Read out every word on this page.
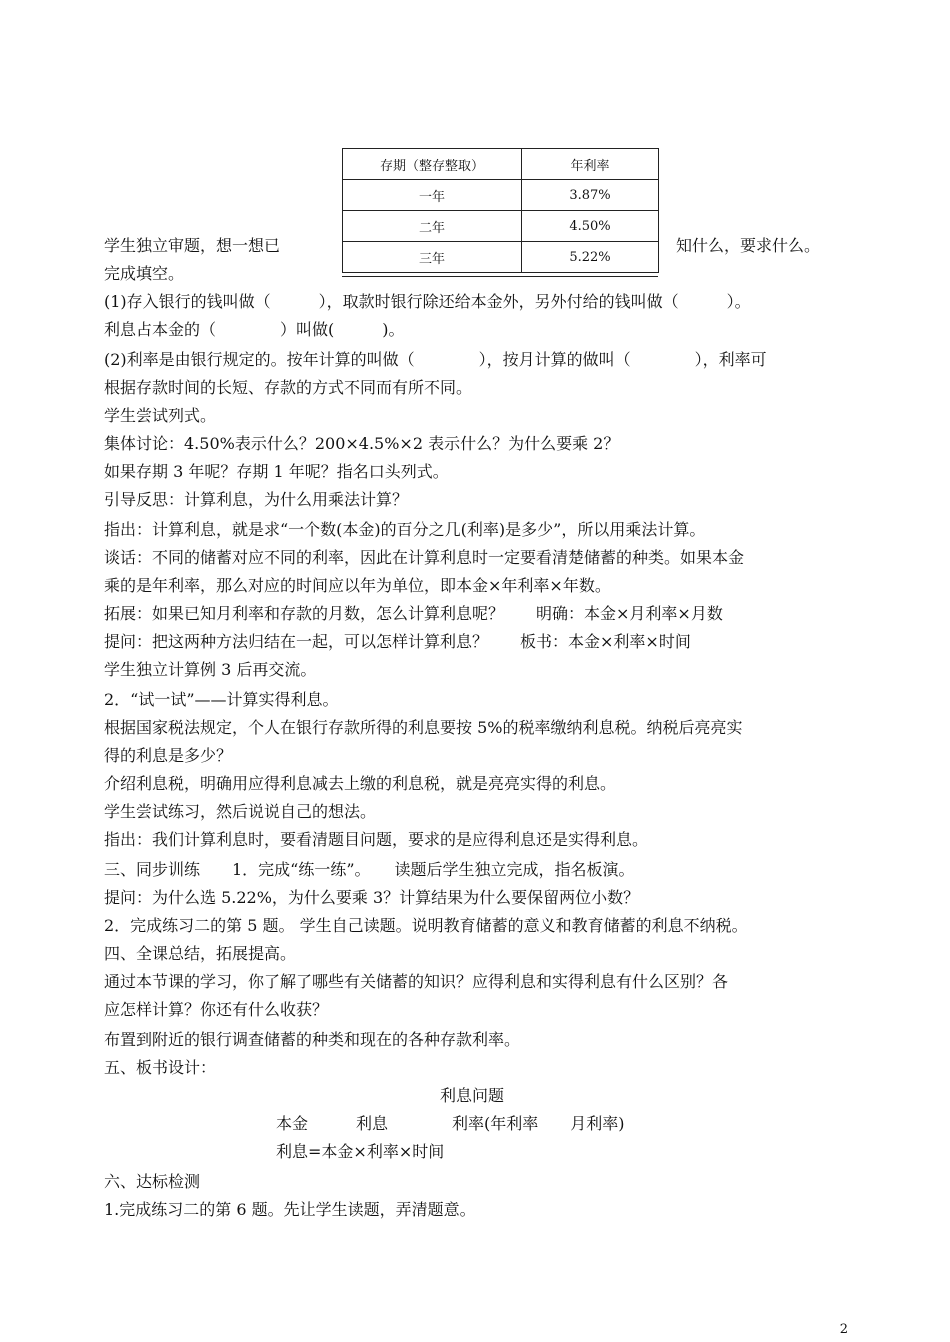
存期（整存整取）	年利率
一年	3.87%
二年	4.50%
三年	5.22%
学生独立审题，想一想已	知什么，要求什么。
完成填空。
(1)存入银行的钱叫做（　　　），取款时银行除还给本金外，另外付给的钱叫做（　　　）。
利息占本金的（　　　　）叫做(　　　)。
(2)利率是由银行规定的。按年计算的叫做（　　　　），按月计算的做叫（　　　　），利率可
根据存款时间的长短、存款的方式不同而有所不同。
学生尝试列式。
集体讨论：4.50%表示什么？200×4.5%×2 表示什么？为什么要乘 2？
如果存期 3 年呢？存期 1 年呢？指名口头列式。
引导反思：计算利息，为什么用乘法计算？
指出：计算利息，就是求“一个数(本金)的百分之几(利率)是多少”，所以用乘法计算。
谈话：不同的储蓄对应不同的利率，因此在计算利息时一定要看清楚储蓄的种类。如果本金
乘的是年利率，那么对应的时间应以年为单位，即本金×年利率×年数。
拓展：如果已知月利率和存款的月数，怎么计算利息呢？　　明确：本金×月利率×月数
提问：把这两种方法归结在一起，可以怎样计算利息？　　板书：本金×利率×时间
学生独立计算例 3 后再交流。
2．“试一试”——计算实得利息。
根据国家税法规定，个人在银行存款所得的利息要按 5%的税率缴纳利息税。纳税后亮亮实
得的利息是多少？
介绍利息税，明确用应得利息减去上缴的利息税，就是亮亮实得的利息。
学生尝试练习，然后说说自己的想法。
指出：我们计算利息时，要看清题目问题，要求的是应得利息还是实得利息。
三、同步训练　　1．完成“练一练”。　　读题后学生独立完成，指名板演。
提问：为什么选 5.22%，为什么要乘 3？计算结果为什么要保留两位小数？
2．完成练习二的第 5 题。 学生自己读题。说明教育储蓄的意义和教育储蓄的利息不纳税。
四、全课总结，拓展提高。
通过本节课的学习，你了解了哪些有关储蓄的知识？应得利息和实得利息有什么区别？各
应怎样计算？你还有什么收获？
布置到附近的银行调查储蓄的种类和现在的各种存款利率。
五、板书设计：
利息问题
本金　　　利息　　　　利率(年利率　　月利率)
利息=本金×利率×时间
六、达标检测
1.完成练习二的第 6 题。先让学生读题，弄清题意。
2
